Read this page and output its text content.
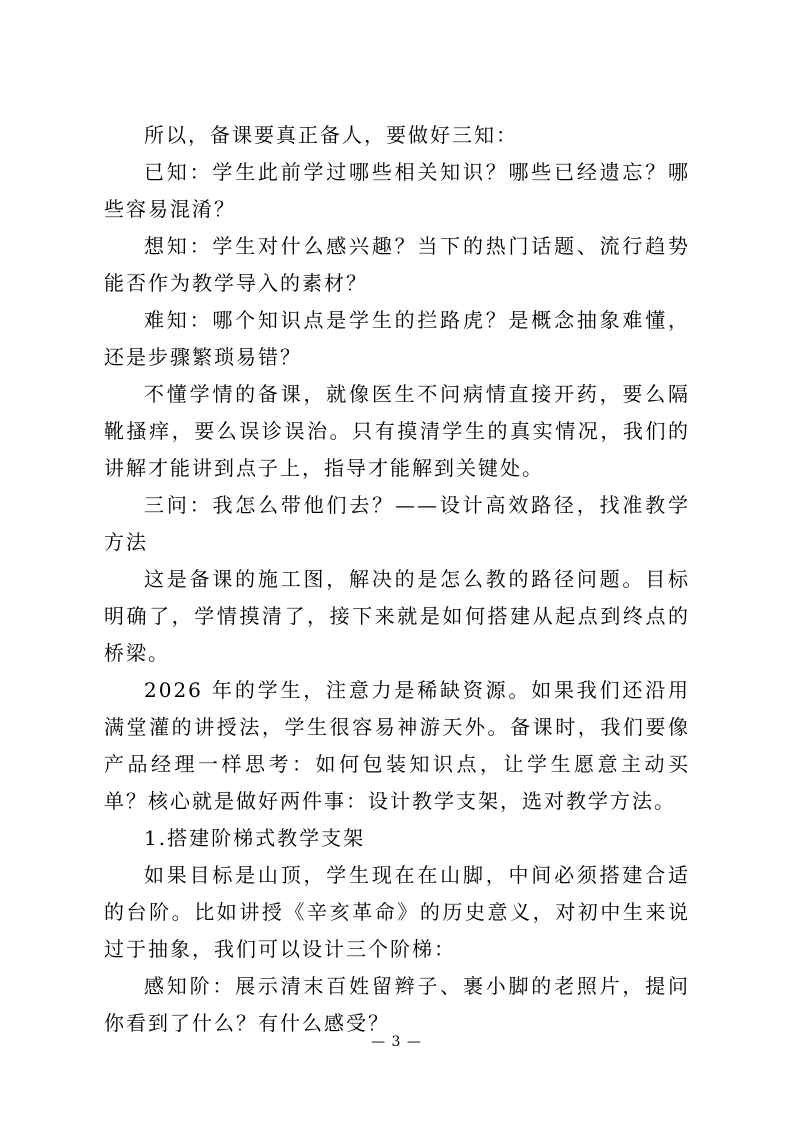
所以，备课要真正备人，要做好三知：

已知：学生此前学过哪些相关知识？哪些已经遗忘？哪些容易混淆？

想知：学生对什么感兴趣？当下的热门话题、流行趋势能否作为教学导入的素材？

难知：哪个知识点是学生的拦路虎？是概念抽象难懂，还是步骤繁琐易错？

不懂学情的备课，就像医生不问病情直接开药，要么隔靴搔痒，要么误诊误治。只有摸清学生的真实情况，我们的讲解才能讲到点子上，指导才能解到关键处。

三问：我怎么带他们去？——设计高效路径，找准教学方法

这是备课的施工图，解决的是怎么教的路径问题。目标明确了，学情摸清了，接下来就是如何搭建从起点到终点的桥梁。

2026 年的学生，注意力是稀缺资源。如果我们还沿用满堂灌的讲授法，学生很容易神游天外。备课时，我们要像产品经理一样思考：如何包装知识点，让学生愿意主动买单？核心就是做好两件事：设计教学支架，选对教学方法。

1.搭建阶梯式教学支架

如果目标是山顶，学生现在在山脚，中间必须搭建合适的台阶。比如讲授《辛亥革命》的历史意义，对初中生来说过于抽象，我们可以设计三个阶梯：

感知阶：展示清末百姓留辫子、裹小脚的老照片，提问你看到了什么？有什么感受？

— 3 —
